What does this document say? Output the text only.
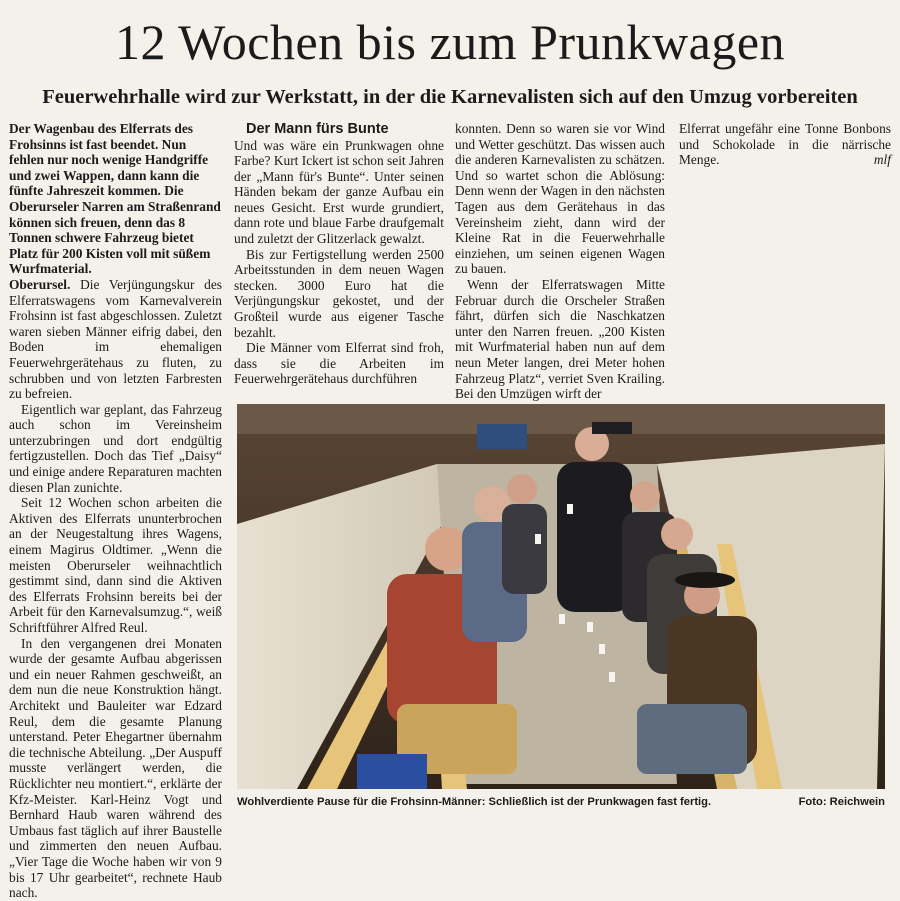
12 Wochen bis zum Prunkwagen
Feuerwehrhalle wird zur Werkstatt, in der die Karnevalisten sich auf den Umzug vorbereiten

Der Wagenbau des Elferrats des Frohsinns ist fast beendet. Nun fehlen nur noch wenige Handgriffe und zwei Wappen, dann kann die fünfte Jahreszeit kommen. Die Oberurseler Narren am Straßenrand können sich freuen, denn das 8 Tonnen schwere Fahrzeug bietet Platz für 200 Kisten voll mit süßem Wurfmaterial.

Oberursel. Die Verjüngungskur des Elferratswagens vom Karnevalverein Frohsinn ist fast abgeschlossen. Zuletzt waren sieben Männer eifrig dabei, den Boden im ehemaligen Feuerwehrgerätehaus zu fluten, zu schrubben und von letzten Farbresten zu befreien.

Eigentlich war geplant, das Fahrzeug auch schon im Vereinsheim unterzubringen und dort endgültig fertigzustellen. Doch das Tief „Daisy“ und einige andere Reparaturen machten diesen Plan zunichte.

Seit 12 Wochen schon arbeiten die Aktiven des Elferrats ununterbrochen an der Neugestaltung ihres Wagens, einem Magirus Oldtimer. „Wenn die meisten Oberurseler weihnachtlich gestimmt sind, dann sind die Aktiven des Elferrats Frohsinn bereits bei der Arbeit für den Karnevalsumzug.“, weiß Schriftführer Alfred Reul.

In den vergangenen drei Monaten wurde der gesamte Aufbau abgerissen und ein neuer Rahmen geschweißt, an dem nun die neue Konstruktion hängt. Architekt und Bauleiter war Edzard Reul, dem die gesamte Planung unterstand. Peter Ehegartner übernahm die technische Abteilung. „Der Auspuff musste verlängert werden, die Rücklichter neu montiert.“, erklärte der Kfz-Meister. Karl-Heinz Vogt und Bernhard Haub waren während des Umbaus fast täglich auf ihrer Baustelle und zimmerten den neuen Aufbau. „Vier Tage die Woche haben wir von 9 bis 17 Uhr gearbeitet“, rechnete Haub nach.

Der Mann fürs Bunte

Und was wäre ein Prunkwagen ohne Farbe? Kurt Ickert ist schon seit Jahren der „Mann für's Bunte“. Unter seinen Händen bekam der ganze Aufbau ein neues Gesicht. Erst wurde grundiert, dann rote und blaue Farbe draufgemalt und zuletzt der Glitzerlack gewalzt.

Bis zur Fertigstellung werden 2500 Arbeitsstunden in dem neuen Wagen stecken. 3000 Euro hat die Verjüngungskur gekostet, und der Großteil wurde aus eigener Tasche bezahlt.

Die Männer vom Elferrat sind froh, dass sie die Arbeiten im Feuerwehrgerätehaus durchführen

konnten. Denn so waren sie vor Wind und Wetter geschützt. Das wissen auch die anderen Karnevalisten zu schätzen. Und so wartet schon die Ablösung: Denn wenn der Wagen in den nächsten Tagen aus dem Gerätehaus in das Vereinsheim zieht, dann wird der Kleine Rat in die Feuerwehrhalle einziehen, um seinen eigenen Wagen zu bauen.

Wenn der Elferratswagen Mitte Februar durch die Orscheler Straßen fährt, dürfen sich die Naschkatzen unter den Narren freuen. „200 Kisten mit Wurfmaterial haben nun auf dem neun Meter langen, drei Meter hohen Fahrzeug Platz“, verriet Sven Krailing. Bei den Umzügen wirft der

Elferrat ungefähr eine Tonne Bonbons und Schokolade in die närrische Menge.	mlf

Wohlverdiente Pause für die Frohsinn-Männer: Schließlich ist der Prunkwagen fast fertig.	Foto: Reichwein
